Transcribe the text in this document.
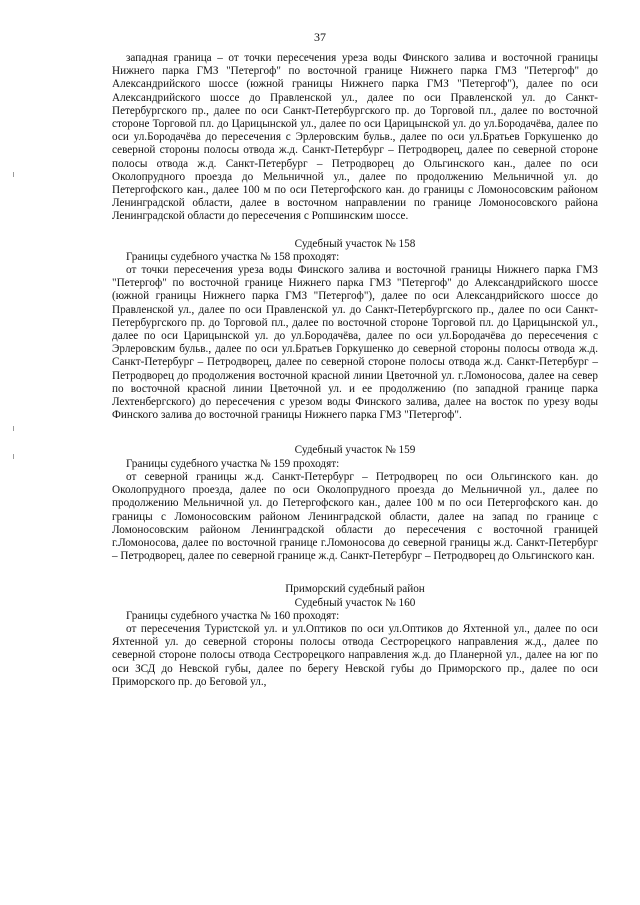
37

западная граница – от точки пересечения уреза воды Финского залива и восточной границы Нижнего парка ГМЗ "Петергоф" по восточной границе Нижнего парка ГМЗ "Петергоф" до Александрийского шоссе (южной границы Нижнего парка ГМЗ "Петергоф"), далее по оси Александрийского шоссе до Правленской ул., далее по оси Правленской ул. до Санкт-Петербургского пр., далее по оси Санкт-Петербургского пр. до Торговой пл., далее по восточной стороне Торговой пл. до Царицынской ул., далее по оси Царицынской ул. до ул.Бородачёва, далее по оси ул.Бородачёва до пересечения с Эрлеровским бульв., далее по оси ул.Братьев Горкушенко до северной стороны полосы отвода ж.д. Санкт-Петербург – Петродворец, далее по северной стороне полосы отвода ж.д. Санкт-Петербург – Петродворец до Ольгинского кан., далее по оси Околопрудного проезда до Мельничной ул., далее по продолжению Мельничной ул. до Петергофского кан., далее 100 м по оси Петергофского кан. до границы с Ломоносовским районом Ленинградской области, далее в восточном направлении по границе Ломоносовского района Ленинградской области до пересечения с Ропшинским шоссе.

Судебный участок № 158

Границы судебного участка № 158 проходят:

от точки пересечения уреза воды Финского залива и восточной границы Нижнего парка ГМЗ "Петергоф" по восточной границе Нижнего парка ГМЗ "Петергоф" до Александрийского шоссе (южной границы Нижнего парка ГМЗ "Петергоф"), далее по оси Александрийского шоссе до Правленской ул., далее по оси Правленской ул. до Санкт-Петербургского пр., далее по оси Санкт-Петербургского пр. до Торговой пл., далее по восточной стороне Торговой пл. до Царицынской ул., далее по оси Царицынской ул. до ул.Бородачёва, далее по оси ул.Бородачёва до пересечения с Эрлеровским бульв., далее по оси ул.Братьев Горкушенко до северной стороны полосы отвода ж.д. Санкт-Петербург – Петродворец, далее по северной стороне полосы отвода ж.д. Санкт-Петербург – Петродворец до продолжения восточной красной линии Цветочной ул. г.Ломоносова, далее на север по восточной красной линии Цветочной ул. и ее продолжению (по западной границе парка Лехтенбергского) до пересечения с урезом воды Финского залива, далее на восток по урезу воды Финского залива до восточной границы Нижнего парка ГМЗ "Петергоф".

Судебный участок № 159

Границы судебного участка № 159 проходят:

от северной границы ж.д. Санкт-Петербург – Петродворец по оси Ольгинского кан. до Околопрудного проезда, далее по оси Околопрудного проезда до Мельничной ул., далее по продолжению Мельничной ул. до Петергофского кан., далее 100 м по оси Петергофского кан. до границы с Ломоносовским районом Ленинградской области, далее на запад по границе с Ломоносовским районом Ленинградской области до пересечения с восточной границей г.Ломоносова, далее по восточной границе г.Ломоносова до северной границы ж.д. Санкт-Петербург – Петродворец, далее по северной границе ж.д. Санкт-Петербург – Петродворец до Ольгинского кан.

Приморский судебный район

Судебный участок № 160

Границы судебного участка № 160 проходят:

от пересечения Туристской ул. и ул.Оптиков по оси ул.Оптиков до Яхтенной ул., далее по оси Яхтенной ул. до северной стороны полосы отвода Сестрорецкого направления ж.д., далее по северной стороне полосы отвода Сестрорецкого направления ж.д. до Планерной ул., далее на юг по оси ЗСД до Невской губы, далее по берегу Невской губы до Приморского пр., далее по оси Приморского пр. до Беговой ул.,
